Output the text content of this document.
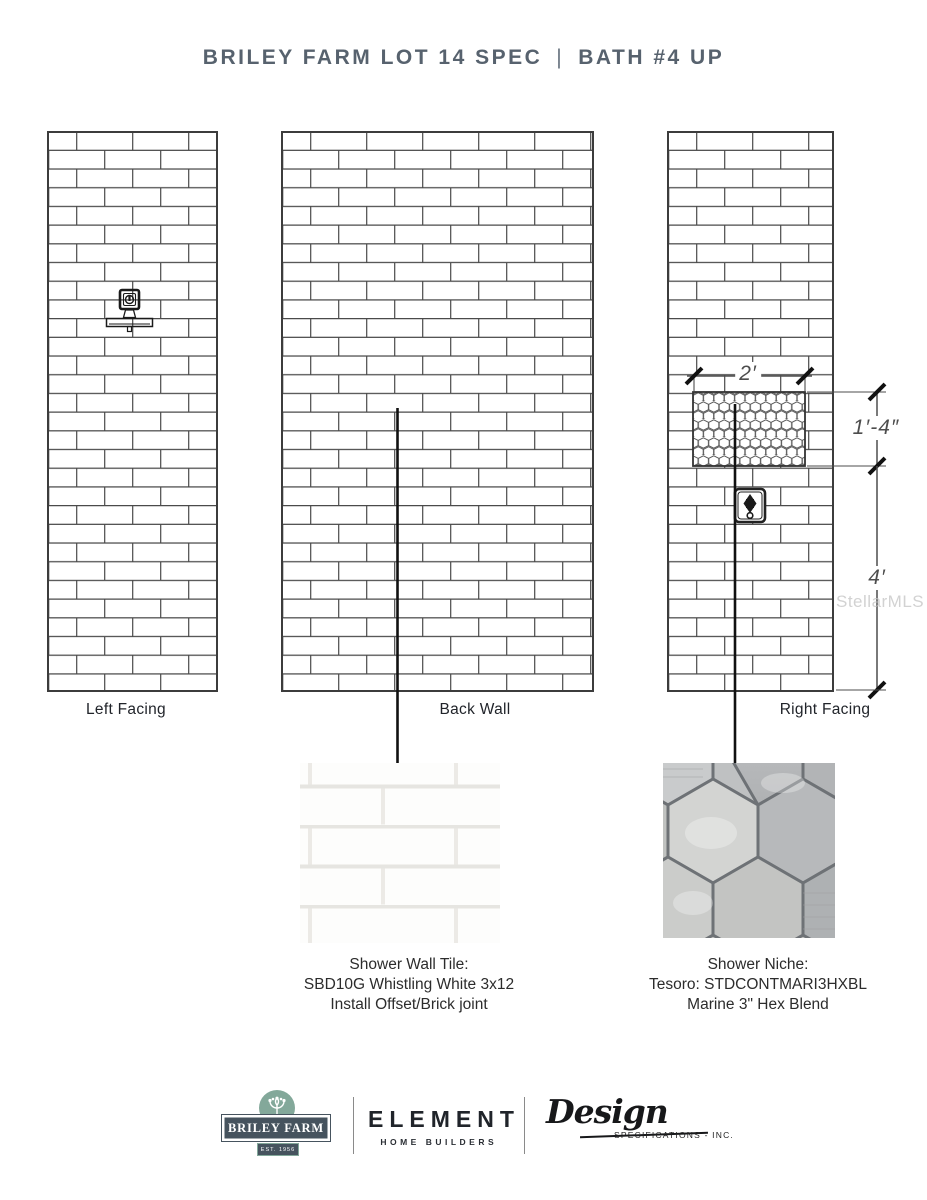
BRILEY FARM LOT 14 SPEC | BATH #4 UP
2′
1′-4″
4′
Left Facing	Back Wall	Right Facing
Shower Wall Tile:
SBD10G Whistling White 3x12
Install Offset/Brick joint
Shower Niche:
Tesoro: STDCONTMARI3HXBL
Marine 3" Hex Blend
StellarMLS
BRILEY FARM
EST. 1956
ELEMENT
HOME BUILDERS
Design
SPECIFICATIONS - INC.
